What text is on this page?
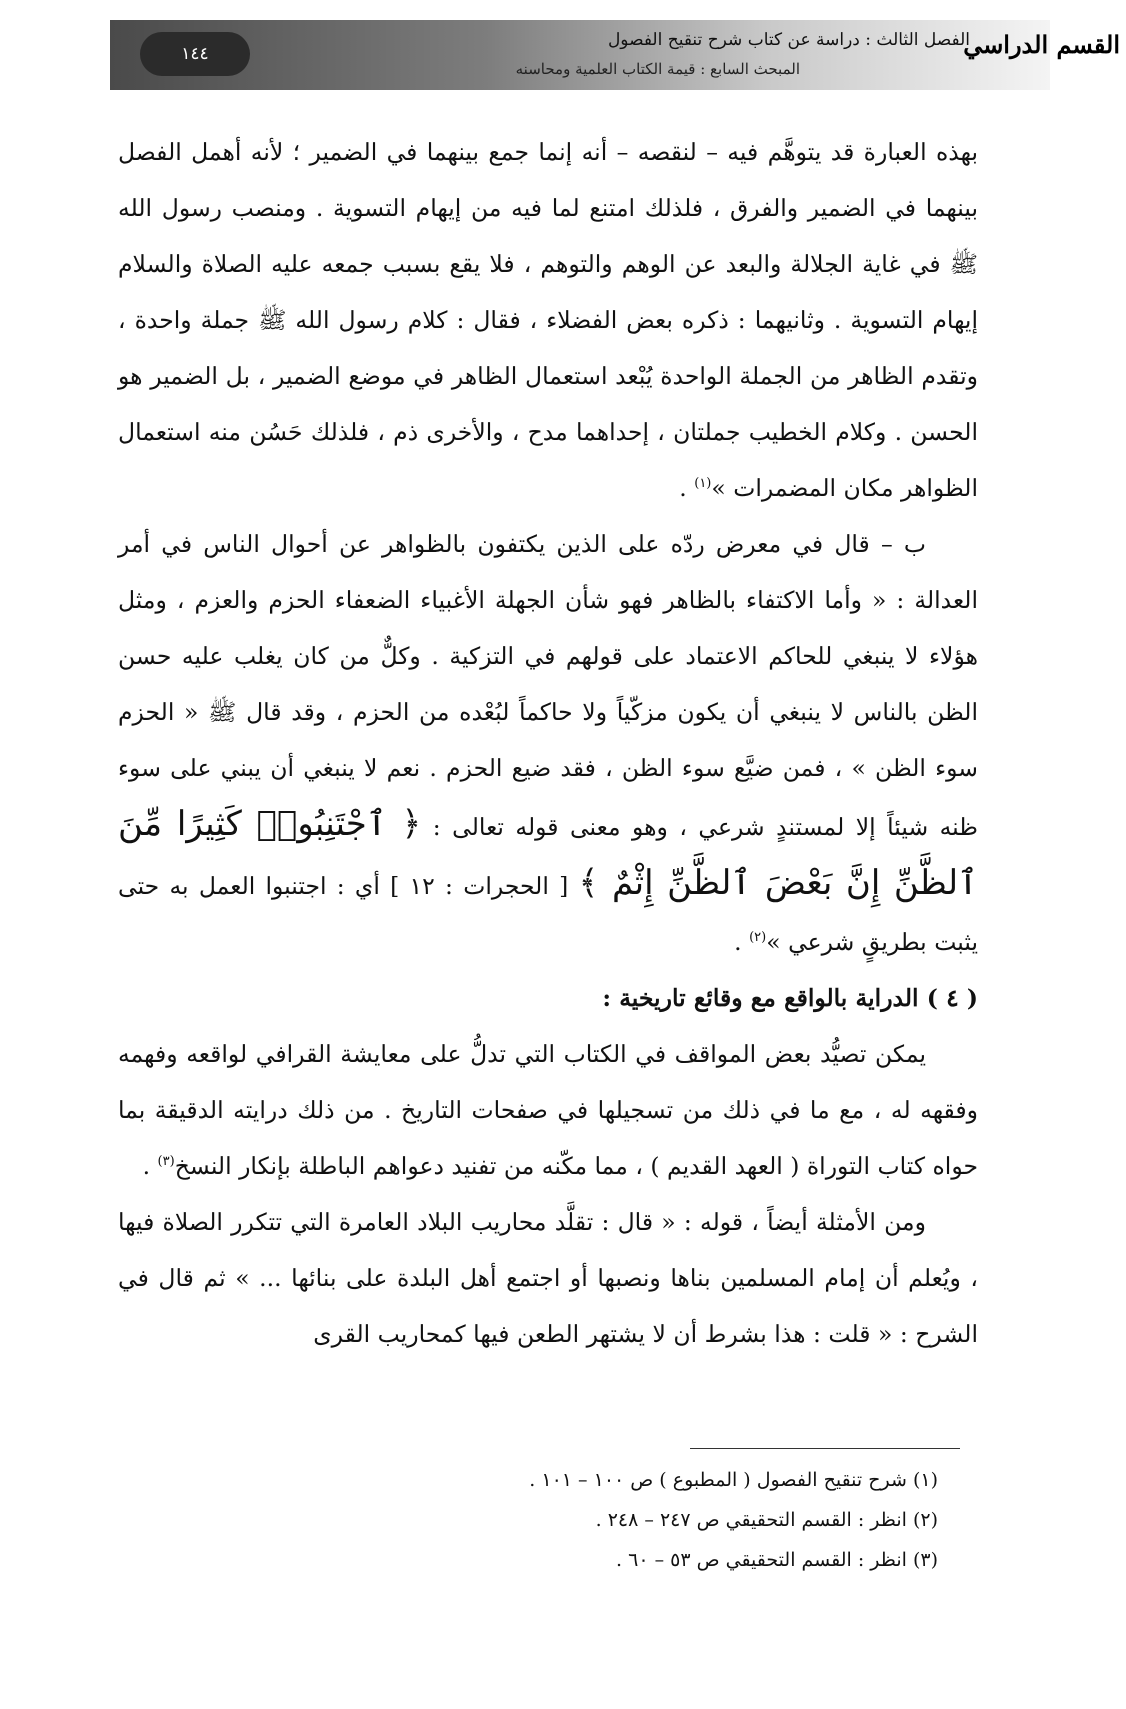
١٤٤	القسم الدراسي
الفصل الثالث : دراسة عن كتاب شرح تنقيح الفصول
المبحث السابع : قيمة الكتاب العلمية ومحاسنه

بهذه العبارة قد يتوهَّم فيه – لنقصه – أنه إنما جمع بينهما في الضمير ؛ لأنه أهمل الفصل بينهما في الضمير والفرق ، فلذلك امتنع لما فيه من إيهام التسوية . ومنصب رسول الله ﷺ في غاية الجلالة والبعد عن الوهم والتوهم ، فلا يقع بسبب جمعه عليه الصلاة والسلام إيهام التسوية . وثانيهما : ذكره بعض الفضلاء ، فقال : كلام رسول الله ﷺ جملة واحدة ، وتقدم الظاهر من الجملة الواحدة يُبْعد استعمال الظاهر في موضع الضمير ، بل الضمير هو الحسن . وكلام الخطيب جملتان ، إحداهما مدح ، والأخرى ذم ، فلذلك حَسُن منه استعمال الظواهر مكان المضمرات »$^{(١)}$ .

ب – قال في معرض ردّه على الذين يكتفون بالظواهر عن أحوال الناس في أمر العدالة : « وأما الاكتفاء بالظاهر فهو شأن الجهلة الأغبياء الضعفاء الحزم والعزم ، ومثل هؤلاء لا ينبغي للحاكم الاعتماد على قولهم في التزكية . وكلٌّ من كان يغلب عليه حسن الظن بالناس لا ينبغي أن يكون مزكّياً ولا حاكماً لبُعْده من الحزم ، وقد قال ﷺ « الحزم سوء الظن » ، فمن ضيَّع سوء الظن ، فقد ضيع الحزم . نعم لا ينبغي أن يبني على سوء ظنه شيئاً إلا لمستندٍ شرعي ، وهو معنى قوله تعالى : ﴿ ٱجْتَنِبُوا۟ كَثِيرًا مِّنَ ٱلظَّنِّ إِنَّ بَعْضَ ٱلظَّنِّ إِثْمٌ ﴾ [ الحجرات : ١٢ ] أي : اجتنبوا العمل به حتى يثبت بطريقٍ شرعي »$^{(٢)}$ .

( ٤ ) الدراية بالواقع مع وقائع تاريخية :

يمكن تصيُّد بعض المواقف في الكتاب التي تدلُّ على معايشة القرافي لواقعه وفهمه وفقهه له ، مع ما في ذلك من تسجيلها في صفحات التاريخ . من ذلك درايته الدقيقة بما حواه كتاب التوراة ( العهد القديم ) ، مما مكّنه من تفنيد دعواهم الباطلة بإنكار النسخ$^{(٣)}$ .

ومن الأمثلة أيضاً ، قوله : « قال : تقلَّد محاريب البلاد العامرة التي تتكرر الصلاة فيها ، ويُعلم أن إمام المسلمين بناها ونصبها أو اجتمع أهل البلدة على بنائها ... » ثم قال في الشرح : « قلت : هذا بشرط أن لا يشتهر الطعن فيها كمحاريب القرى

(١) شرح تنقيح الفصول ( المطبوع ) ص ١٠٠ – ١٠١ .
(٢) انظر : القسم التحقيقي ص ٢٤٧ – ٢٤٨ .
(٣) انظر : القسم التحقيقي ص ٥٣ – ٦٠ .
